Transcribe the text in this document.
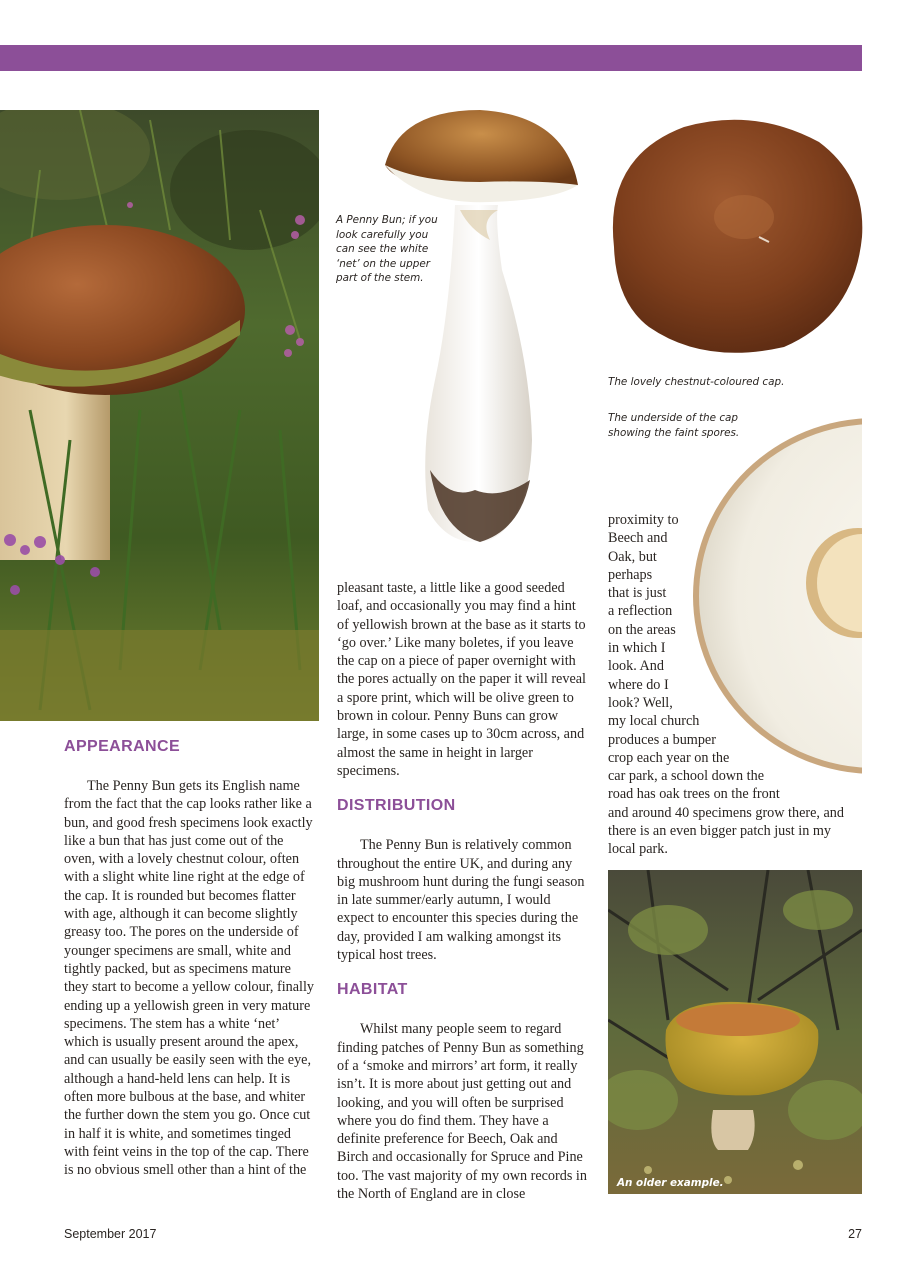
A Penny Bun; if you look carefully you can see the white ‘net’ on the upper part of the stem.

The lovely chestnut-coloured cap.

The underside of the cap showing the faint spores.

An older example.

APPEARANCE

The Penny Bun gets its English name from the fact that the cap looks rather like a bun, and good fresh specimens look exactly like a bun that has just come out of the oven, with a lovely chestnut colour, often with a slight white line right at the edge of the cap. It is rounded but becomes flatter with age, although it can become slightly greasy too. The pores on the underside of younger specimens are small, white and tightly packed, but as specimens mature they start to become a yellow colour, finally ending up a yellowish green in very mature specimens. The stem has a white ‘net’ which is usually present around the apex, and can usually be easily seen with the eye, although a hand-held lens can help. It is often more bulbous at the base, and whiter the further down the stem you go. Once cut in half it is white, and sometimes tinged with feint veins in the top of the cap. There is no obvious smell other than a hint of the

pleasant taste, a little like a good seeded loaf, and occasionally you may find a hint of yellowish brown at the base as it starts to ‘go over.’ Like many boletes, if you leave the cap on a piece of paper overnight with the pores actually on the paper it will reveal a spore print, which will be olive green to brown in colour. Penny Buns can grow large, in some cases up to 30cm across, and almost the same in height in larger specimens.

DISTRIBUTION

The Penny Bun is relatively common throughout the entire UK, and during any big mushroom hunt during the fungi season in late summer/early autumn, I would expect to encounter this species during the day, provided I am walking amongst its typical host trees.

HABITAT

Whilst many people seem to regard finding patches of Penny Bun as something of a ‘smoke and mirrors’ art form, it really isn’t. It is more about just getting out and looking, and you will often be surprised where you do find them. They have a definite preference for Beech, Oak and Birch and occasionally for Spruce and Pine too. The vast majority of my own records in the North of England are in close

proximity to
Beech and
Oak, but
perhaps
that is just
a reflection
on the areas
in which I
look. And
where do I
look? Well,
my local church
produces a bumper
crop each year on the
car park, a school down the
road has oak trees on the front

and around 40 specimens grow there, and there is an even bigger patch just in my local park.

September 2017	27
